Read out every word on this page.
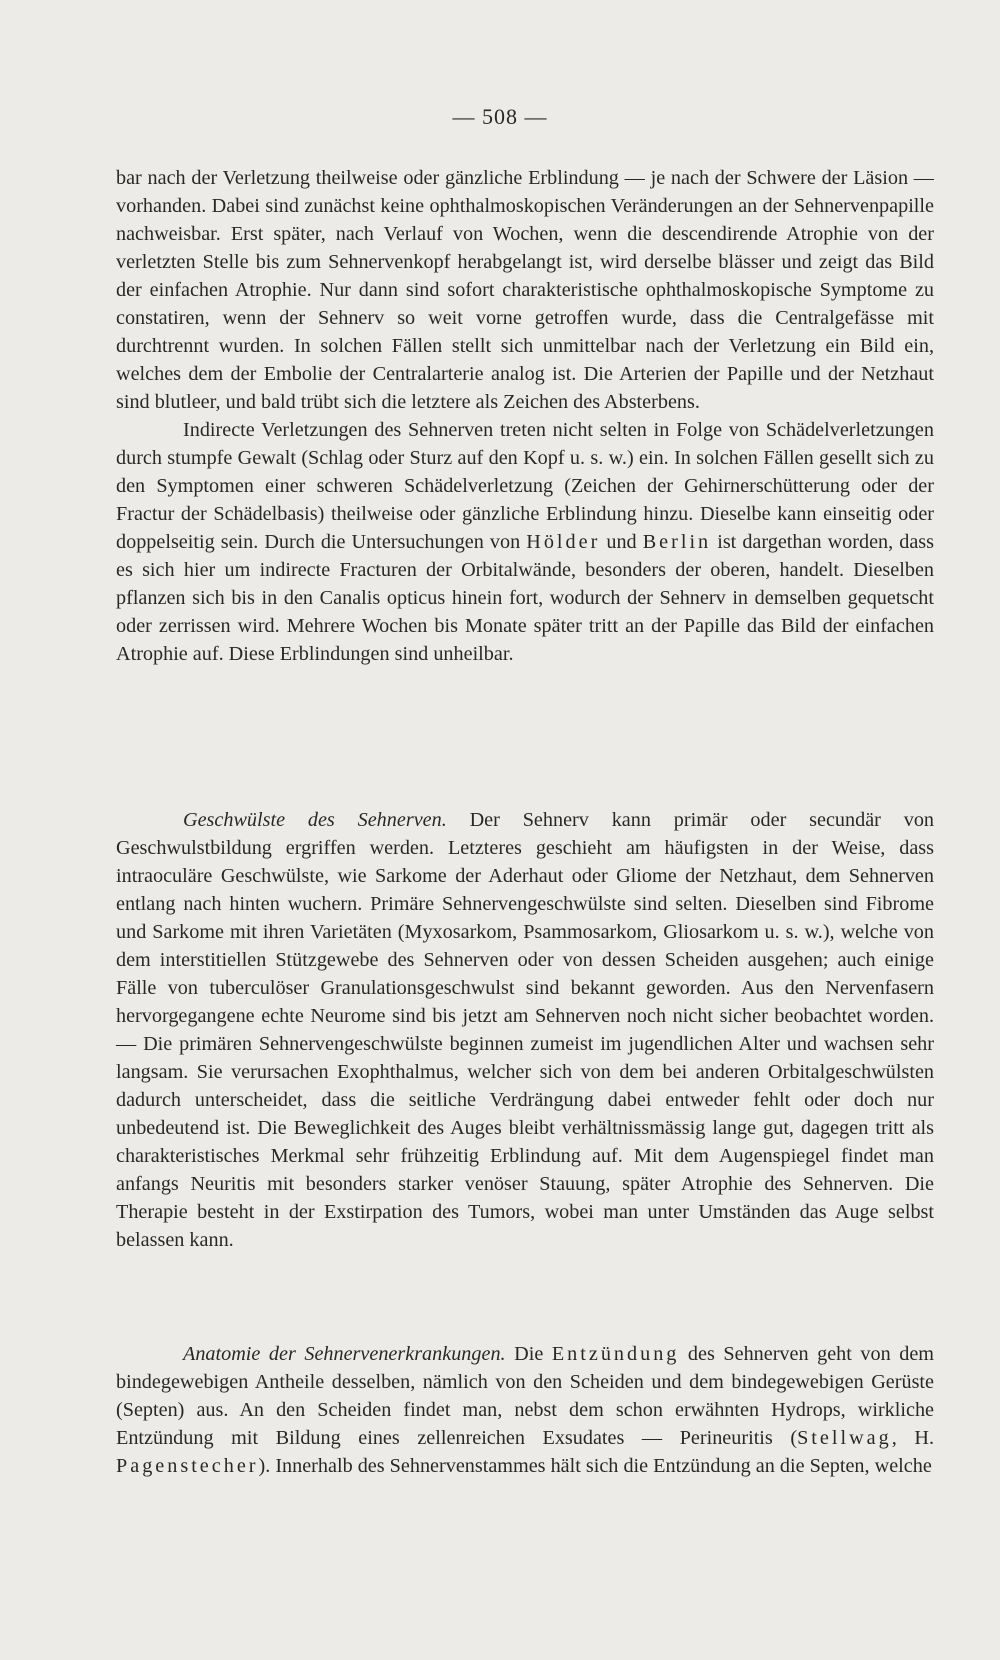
— 508 —

bar nach der Verletzung theilweise oder gänzliche Erblindung — je nach der Schwere der Läsion — vorhanden. Dabei sind zunächst keine ophthalmoskopischen Veränderungen an der Sehnervenpapille nachweisbar. Erst später, nach Verlauf von Wochen, wenn die descendirende Atrophie von der verletzten Stelle bis zum Sehnervenkopf herabgelangt ist, wird derselbe blässer und zeigt das Bild der einfachen Atrophie. Nur dann sind sofort charakteristische ophthalmoskopische Symptome zu constatiren, wenn der Sehnerv so weit vorne getroffen wurde, dass die Centralgefässe mit durchtrennt wurden. In solchen Fällen stellt sich unmittelbar nach der Verletzung ein Bild ein, welches dem der Embolie der Centralarterie analog ist. Die Arterien der Papille und der Netzhaut sind blutleer, und bald trübt sich die letztere als Zeichen des Absterbens.

Indirecte Verletzungen des Sehnerven treten nicht selten in Folge von Schädelverletzungen durch stumpfe Gewalt (Schlag oder Sturz auf den Kopf u. s. w.) ein. In solchen Fällen gesellt sich zu den Symptomen einer schweren Schädelverletzung (Zeichen der Gehirnerschütterung oder der Fractur der Schädelbasis) theilweise oder gänzliche Erblindung hinzu. Dieselbe kann einseitig oder doppelseitig sein. Durch die Untersuchungen von Hölder und Berlin ist dargethan worden, dass es sich hier um indirecte Fracturen der Orbitalwände, besonders der oberen, handelt. Dieselben pflanzen sich bis in den Canalis opticus hinein fort, wodurch der Sehnerv in demselben gequetscht oder zerrissen wird. Mehrere Wochen bis Monate später tritt an der Papille das Bild der einfachen Atrophie auf. Diese Erblindungen sind unheilbar.

Geschwülste des Sehnerven. Der Sehnerv kann primär oder secundär von Geschwulstbildung ergriffen werden. Letzteres geschieht am häufigsten in der Weise, dass intraoculäre Geschwülste, wie Sarkome der Aderhaut oder Gliome der Netzhaut, dem Sehnerven entlang nach hinten wuchern. Primäre Sehnervengeschwülste sind selten. Dieselben sind Fibrome und Sarkome mit ihren Varietäten (Myxosarkom, Psammosarkom, Gliosarkom u. s. w.), welche von dem interstitiellen Stützgewebe des Sehnerven oder von dessen Scheiden ausgehen; auch einige Fälle von tuberculöser Granulationsgeschwulst sind bekannt geworden. Aus den Nervenfasern hervorgegangene echte Neurome sind bis jetzt am Sehnerven noch nicht sicher beobachtet worden. — Die primären Sehnervengeschwülste beginnen zumeist im jugendlichen Alter und wachsen sehr langsam. Sie verursachen Exophthalmus, welcher sich von dem bei anderen Orbitalgeschwülsten dadurch unterscheidet, dass die seitliche Verdrängung dabei entweder fehlt oder doch nur unbedeutend ist. Die Beweglichkeit des Auges bleibt verhältnissmässig lange gut, dagegen tritt als charakteristisches Merkmal sehr frühzeitig Erblindung auf. Mit dem Augenspiegel findet man anfangs Neuritis mit besonders starker venöser Stauung, später Atrophie des Sehnerven. Die Therapie besteht in der Exstirpation des Tumors, wobei man unter Umständen das Auge selbst belassen kann.

Anatomie der Sehnervenerkrankungen. Die Entzündung des Sehnerven geht von dem bindegewebigen Antheile desselben, nämlich von den Scheiden und dem bindegewebigen Gerüste (Septen) aus. An den Scheiden findet man, nebst dem schon erwähnten Hydrops, wirkliche Entzündung mit Bildung eines zellenreichen Exsudates — Perineuritis (Stellwag, H. Pagenstecher). Innerhalb des Sehnervenstammes hält sich die Entzündung an die Septen, welche
